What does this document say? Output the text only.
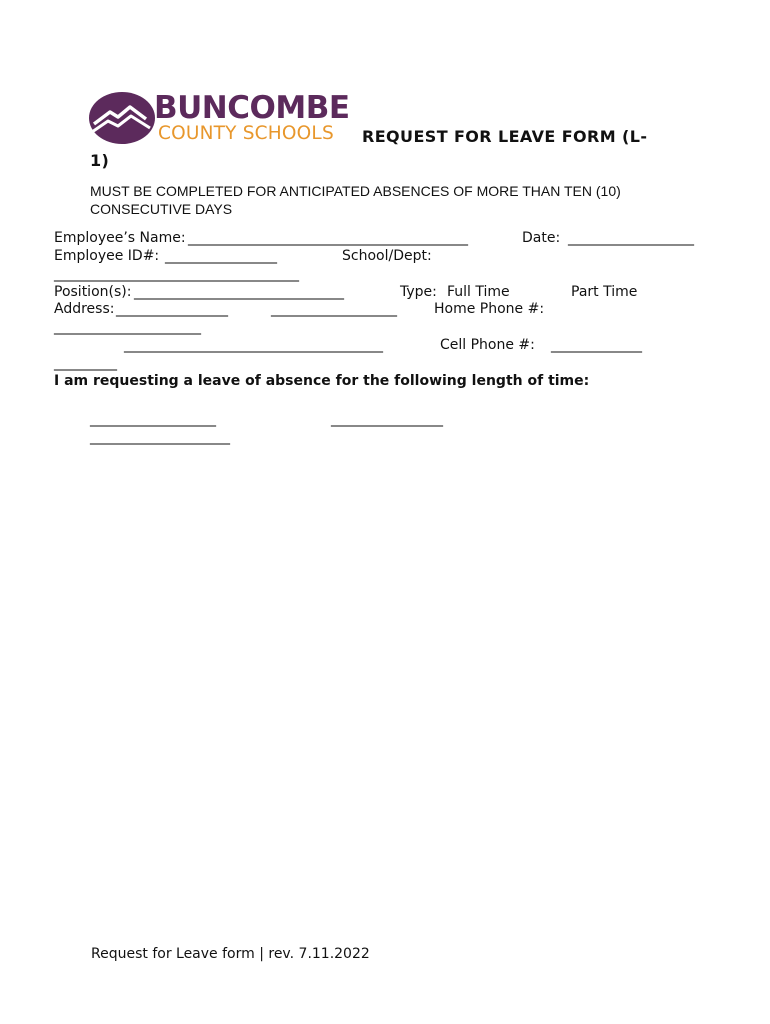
BUNCOMBE
COUNTY SCHOOLS REQUEST FOR LEAVE FORM (L-
1)
MUST BE COMPLETED FOR ANTICIPATED ABSENCES OF MORE THAN TEN (10)
CONSECUTIVE DAYS
Employee’s Name: ________________________________________	Date: __________________
Employee ID#: ________________	School/Dept:
___________________________________
Position(s): ______________________________	Type: Full Time	Part Time
Address: ________________	__________________	Home Phone #:
_____________________
_____________________________________	Cell Phone #: _____________
_________
I am requesting a leave of absence for the following length of time:
__________________	________________
____________________
Request for Leave form | rev. 7.11.2022
